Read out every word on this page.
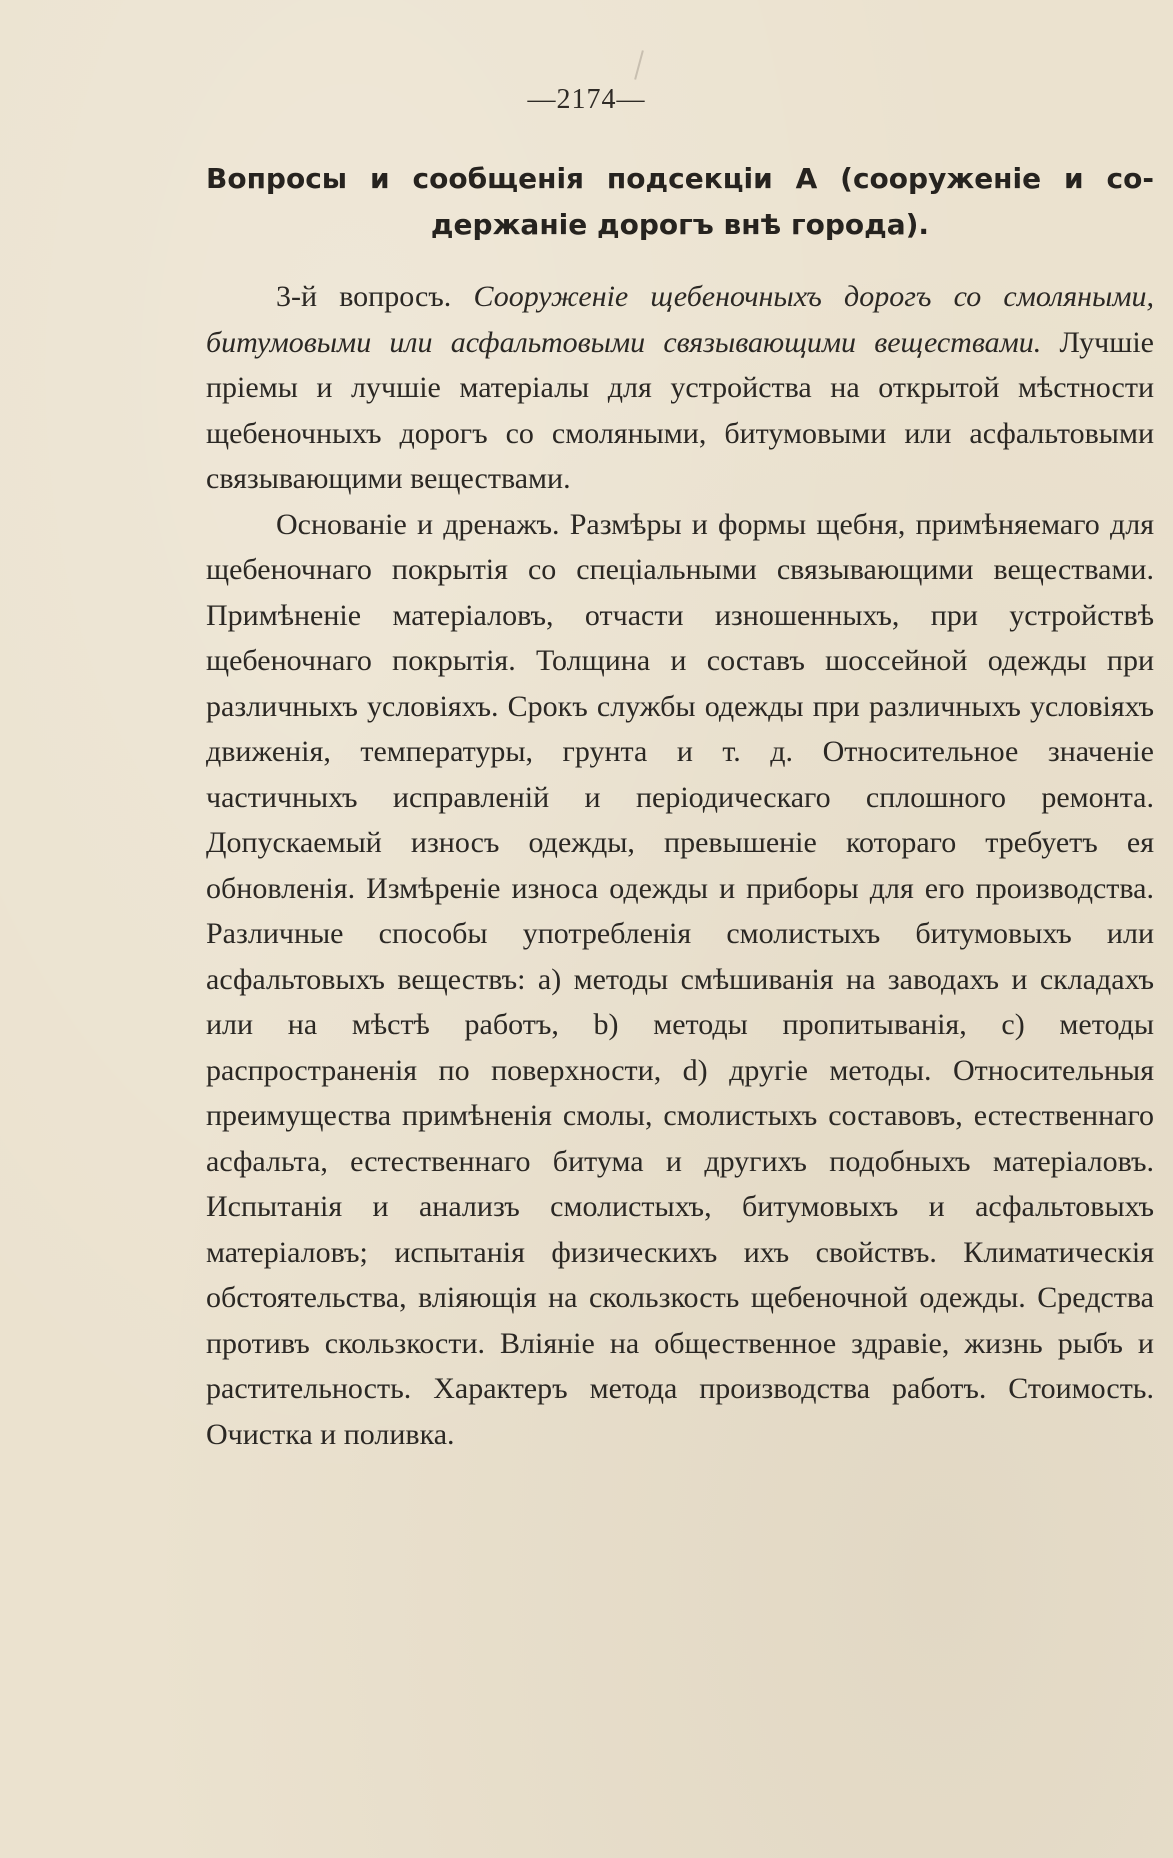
—2174—
Вопросы и сообщенія подсекціи А (сооруженіе и со-
держаніе дорогъ внѣ города).

3-й вопросъ. Сооруженіе щебеночныхъ дорогъ со смоляными, битумовыми или асфальтовыми связывающими веществами. Лучшіе пріемы и лучшіе матеріалы для устройства на открытой мѣстности щебеночныхъ дорогъ со смоляными, битумовыми или асфальтовыми связывающими веществами.

Основаніе и дренажъ. Размѣры и формы щебня, примѣняемаго для щебеночнаго покрытія со спеціальными связывающими веществами. Примѣненіе матеріаловъ, отчасти изношенныхъ, при устройствѣ щебеночнаго покрытія. Толщина и составъ шоссейной одежды при различныхъ условіяхъ. Срокъ службы одежды при различныхъ условіяхъ движенія, температуры, грунта и т. д. Относительное значеніе частичныхъ исправленій и періодическаго сплошного ремонта. Допускаемый износъ одежды, превышеніе котораго требуетъ ея обновленія. Измѣреніе износа одежды и приборы для его производства. Различные способы употребленія смолистыхъ битумовыхъ или асфальтовыхъ веществъ: а) методы смѣшиванія на заводахъ и складахъ или на мѣстѣ работъ, b) методы пропитыванія, с) методы распространенія по поверхности, d) другіе методы. Относительныя преимущества примѣненія смолы, смолистыхъ составовъ, естественнаго асфальта, естественнаго битума и другихъ подобныхъ матеріаловъ. Испытанія и анализъ смолистыхъ, битумовыхъ и асфальтовыхъ матеріаловъ; испытанія физическихъ ихъ свойствъ. Климатическія обстоятельства, вліяющія на скользкость щебеночной одежды. Средства противъ скользкости. Вліяніе на общественное здравіе, жизнь рыбъ и растительность. Характеръ метода производства работъ. Стоимость. Очистка и поливка.
